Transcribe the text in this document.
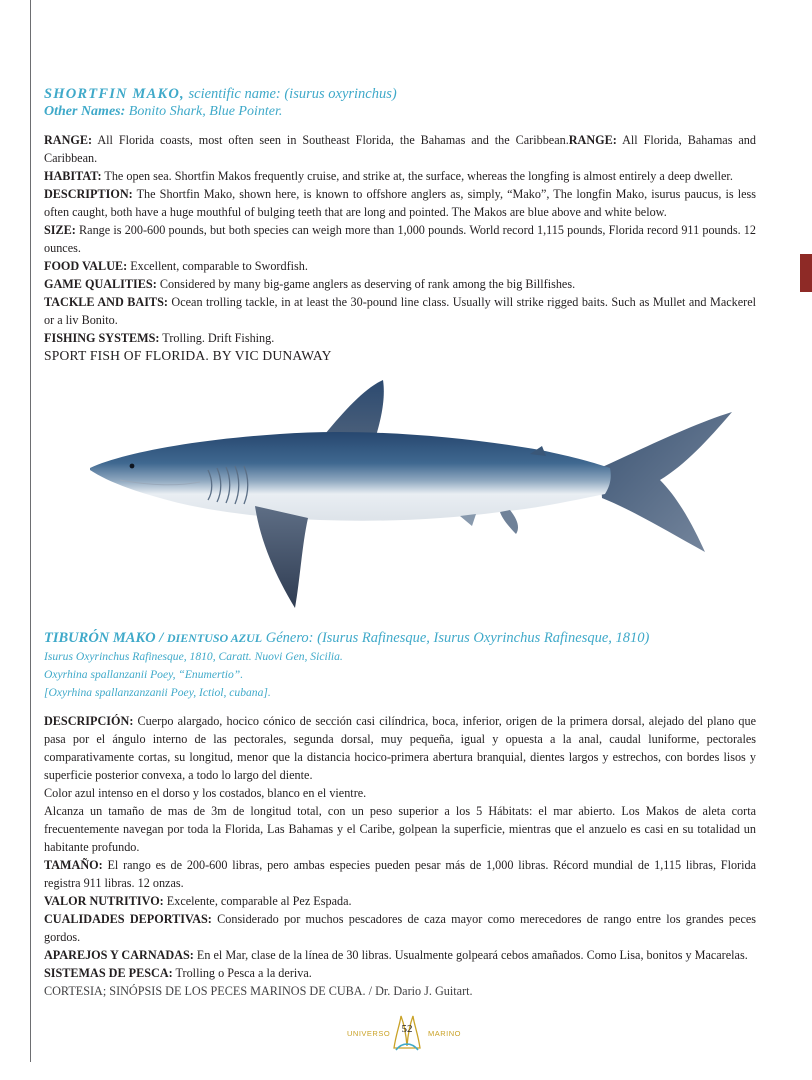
SHORTFIN MAKO, scientific name: (isurus oxyrinchus)
Other Names: Bonito Shark, Blue Pointer.

RANGE: All Florida coasts, most often seen in Southeast Florida, the Bahamas and the Caribbean.RANGE: All Florida, Bahamas and Caribbean.

HABITAT: The open sea. Shortfin Makos frequently cruise, and strike at, the surface, whereas the longfing is almost entirely a deep dweller.

DESCRIPTION: The Shortfin Mako, shown here, is known to offshore anglers as, simply, “Mako”, The longfin Mako, isurus paucus, is less often caught, both have a huge mouthful of bulging teeth that are long and pointed. The Makos are blue above and white below.

SIZE: Range is 200-600 pounds, but both species can weigh more than 1,000 pounds. World record 1,115 pounds, Florida record 911 pounds. 12 ounces.

FOOD VALUE: Excellent, comparable to Swordfish.

GAME QUALITIES: Considered by many big-game anglers as deserving of rank among the big Billfishes.

TACKLE AND BAITS: Ocean trolling tackle, in at least the 30-pound line class. Usually will strike rigged baits. Such as Mullet and Mackerel or a liv Bonito.

FISHING SYSTEMS: Trolling. Drift Fishing.

SPORT FISH OF FLORIDA. BY VIC DUNAWAY
TIBURÓN MAKO / DIENTUSO AZUL Género: (Isurus Rafinesque, Isurus Oxyrinchus Rafinesque, 1810)
Isurus Oxyrinchus Rafinesque, 1810, Caratt. Nuovi Gen, Sicilia.
Oxyrhina spallanzanii Poey, “Enumertio”.
[Oxyrhina spallanzanzanii Poey, Ictiol, cubana].

DESCRIPCIÓN: Cuerpo alargado, hocico cónico de sección casi cilíndrica, boca, inferior, origen de la primera dorsal, alejado del plano que pasa por el ángulo interno de las pectorales, segunda dorsal, muy pequeña, igual y opuesta a la anal, caudal luniforme, pectorales comparativamente cortas, su longitud, menor que la distancia hocico-primera abertura branquial, dientes largos y estrechos, con bordes lisos y superficie posterior convexa, a todo lo largo del diente.

Color azul intenso en el dorso y los costados, blanco en el vientre.

Alcanza un tamaño de mas de 3m de longitud total, con un peso superior a los 5 Hábitats: el mar abierto. Los Makos de aleta corta frecuentemente navegan por toda la Florida, Las Bahamas y el Caribe, golpean la superficie, mientras que el anzuelo es casi en su totalidad un habitante profundo.

TAMAÑO: El rango es de 200-600 libras, pero ambas especies pueden pesar más de 1,000 libras. Récord mundial de 1,115 libras, Florida registra 911 libras. 12 onzas.

VALOR NUTRITIVO: Excelente, comparable al Pez Espada.

CUALIDADES DEPORTIVAS: Considerado por muchos pescadores de caza mayor como merecedores de rango entre los grandes peces gordos.

APAREJOS Y CARNADAS: En el Mar, clase de la línea de 30 libras. Usualmente golpeará cebos amañados. Como Lisa, bonitos y Macarelas.

SISTEMAS DE PESCA: Trolling o Pesca a la deriva.

CORTESIA; SINÓPSIS DE LOS PECES MARINOS DE CUBA. / Dr. Dario J. Guitart.
UNIVERSO	52	MARINO
